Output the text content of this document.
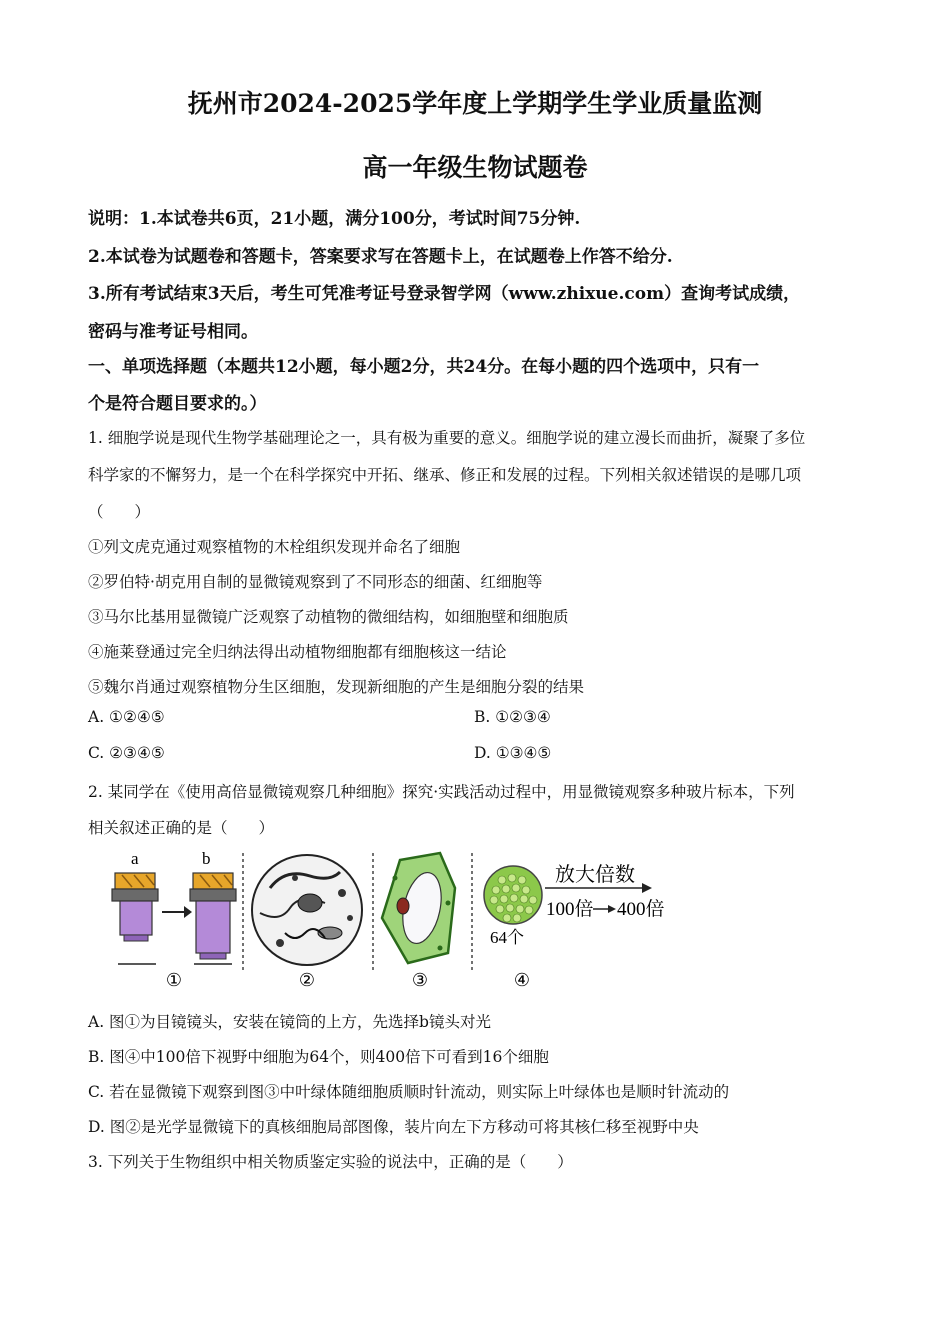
抚州市2024-2025学年度上学期学生学业质量监测
高一年级生物试题卷
说明：1.本试卷共6页，21小题，满分100分，考试时间75分钟.
2.本试卷为试题卷和答题卡，答案要求写在答题卡上，在试题卷上作答不给分.
3.所有考试结束3天后，考生可凭准考证号登录智学网（www.zhixue.com）查询考试成绩，
密码与准考证号相同。
一、单项选择题（本题共12小题，每小题2分，共24分。在每小题的四个选项中，只有一
个是符合题目要求的。）
1. 细胞学说是现代生物学基础理论之一，具有极为重要的意义。细胞学说的建立漫长而曲折，凝聚了多位
科学家的不懈努力，是一个在科学探究中开拓、继承、修正和发展的过程。下列相关叙述错误的是哪几项
（　　）
①列文虎克通过观察植物的木栓组织发现并命名了细胞
②罗伯特·胡克用自制的显微镜观察到了不同形态的细菌、红细胞等
③马尔比基用显微镜广泛观察了动植物的微细结构，如细胞壁和细胞质
④施莱登通过完全归纳法得出动植物细胞都有细胞核这一结论
⑤魏尔肖通过观察植物分生区细胞，发现新细胞的产生是细胞分裂的结果
A. ①②④⑤	B. ①②③④
C. ②③④⑤	D. ①③④⑤
2. 某同学在《使用高倍显微镜观察几种细胞》探究·实践活动过程中，用显微镜观察多种玻片标本，下列
相关叙述正确的是（　　）
a	b
①	②	③
64个
放大倍数
100倍 400倍
④
A. 图①为目镜镜头，安装在镜筒的上方，先选择b镜头对光
B. 图④中100倍下视野中细胞为64个，则400倍下可看到16个细胞
C. 若在显微镜下观察到图③中叶绿体随细胞质顺时针流动，则实际上叶绿体也是顺时针流动的
D. 图②是光学显微镜下的真核细胞局部图像，装片向左下方移动可将其核仁移至视野中央
3. 下列关于生物组织中相关物质鉴定实验的说法中，正确的是（　　）
